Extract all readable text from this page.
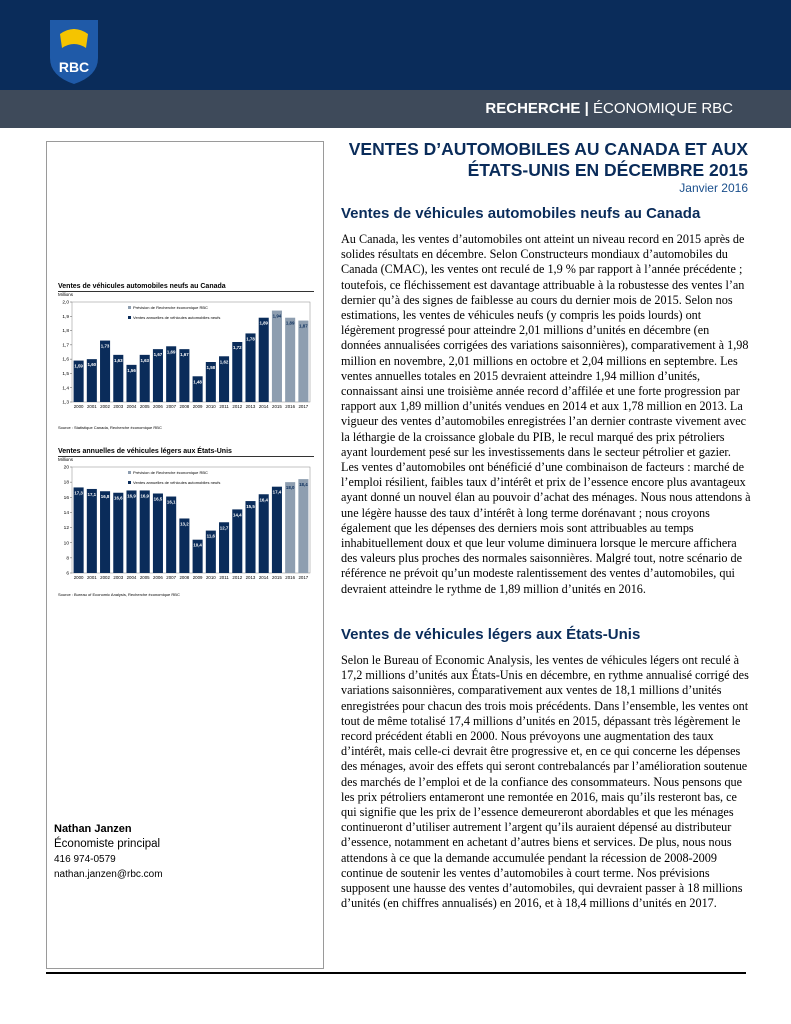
RBC
RECHERCHE | ÉCONOMIQUE RBC
Ventes de véhicules automobiles neufs au Canada
Millions
2,0
1,9
1,8
1,7
1,6
1,5
1,4
1,3
1,59
2000
1,60
2001
1,73
2002
1,63
2003
1,56
2004
1,63
2005
1,67
2006
1,69
2007
1,67
2008
1,48
2009
1,58
2010
1,62
2011
1,72
2012
1,78
2013
1,89
2014
1,94
2015
1,89
2016
1,87
2017
Prévision de Recherche économique RBC
Ventes annuelles de véhicules automobiles neufs
Source : Statistique Canada, Recherche économique RBC
Ventes annuelles de véhicules légers aux États-Unis
Millions
20
18
16
14
12
10
8
6
17,3
2000
17,1
2001
16,8
2002
16,6
2003
16,9
2004
16,9
2005
16,5
2006
16,1
2007
13,2
2008
10,4
2009
11,6
2010
12,7
2011
14,4
2012
15,5
2013
16,4
2014
17,4
2015
18,0
2016
18,4
2017
Prévision de Recherche économique RBC
Ventes annuelles de véhicules automobiles neufs
Source : Bureau of Economic Analysis, Recherche économique RBC
Nathan Janzen
Économiste principal
416 974-0579
nathan.janzen@rbc.com
VENTES D’AUTOMOBILES AU CANADA ET AUX
ÉTATS-UNIS EN DÉCEMBRE 2015
Janvier 2016
Ventes de véhicules automobiles neufs au Canada

Au Canada, les ventes d’automobiles ont atteint un niveau record en 2015 après de solides résultats en décembre. Selon Constructeurs mondiaux d’automobiles du Canada (CMAC), les ventes ont reculé de 1,9 % par rapport à l’année précédente ; toutefois, ce fléchissement est davantage attribuable à la robustesse des ventes l’an dernier qu’à des signes de faiblesse au cours du dernier mois de 2015. Selon nos estimations, les ventes de véhicules neufs (y compris les poids lourds) ont légèrement progressé pour atteindre 2,01 millions d’unités en décembre (en données annualisées corrigées des variations saisonnières), comparativement à 1,98 million en novembre, 2,01 millions en octobre et 2,04 millions en septembre. Les ventes annuelles totales en 2015 devraient atteindre 1,94 million d’unités, connaissant ainsi une troisième année record d’affilée et une forte progression par rapport aux 1,89 million d’unités vendues en 2014 et aux 1,78 million en 2013. La vigueur des ventes d’automobiles enregistrées l’an dernier contraste vivement avec la léthargie de la croissance globale du PIB, le recul marqué des prix pétroliers ayant lourdement pesé sur les investissements dans le secteur pétrolier et gazier. Les ventes d’automobiles ont bénéficié d’une combinaison de facteurs : marché de l’emploi résilient, faibles taux d’intérêt et prix de l’essence encore plus avantageux ayant donné un nouvel élan au pouvoir d’achat des ménages. Nous nous attendons à une légère hausse des taux d’intérêt à long terme dorénavant ; nous croyons également que les dépenses des derniers mois sont attribuables au temps inhabituellement doux et que leur volume diminuera lorsque le mercure affichera des valeurs plus proches des normales saisonnières. Malgré tout, notre scénario de référence ne prévoit qu’un modeste ralentissement des ventes d’automobiles, qui devraient atteindre le rythme de 1,89 million d’unités en 2016.

Ventes de véhicules légers aux États-Unis

Selon le Bureau of Economic Analysis, les ventes de véhicules légers ont reculé à 17,2 millions d’unités aux États-Unis en décembre, en rythme annualisé corrigé des variations saisonnières, comparativement aux ventes de 18,1 millions d’unités enregistrées pour chacun des trois mois précédents. Dans l’ensemble, les ventes ont tout de même totalisé 17,4 millions d’unités en 2015, dépassant très légèrement le record précédent établi en 2000. Nous prévoyons une augmentation des taux d’intérêt, mais celle-ci devrait être progressive et, en ce qui concerne les dépenses des ménages, avoir des effets qui seront contrebalancés par l’amélioration soutenue des marchés de l’emploi et de la confiance des consommateurs. Nous pensons que les prix pétroliers entameront une remontée en 2016, mais qu’ils resteront bas, ce qui signifie que les prix de l’essence demeureront abordables et que les ménages continueront d’utiliser autrement l’argent qu’ils auraient dépensé au distributeur d’essence, notamment en achetant d’autres biens et services. De plus, nous nous attendons à ce que la demande accumulée pendant la récession de 2008-2009 continue de soutenir les ventes d’automobiles à court terme. Nos prévisions supposent une hausse des ventes d’automobiles, qui devraient passer à 18 millions d’unités (en chiffres annualisés) en 2016, et à 18,4 millions d’unités en 2017.
